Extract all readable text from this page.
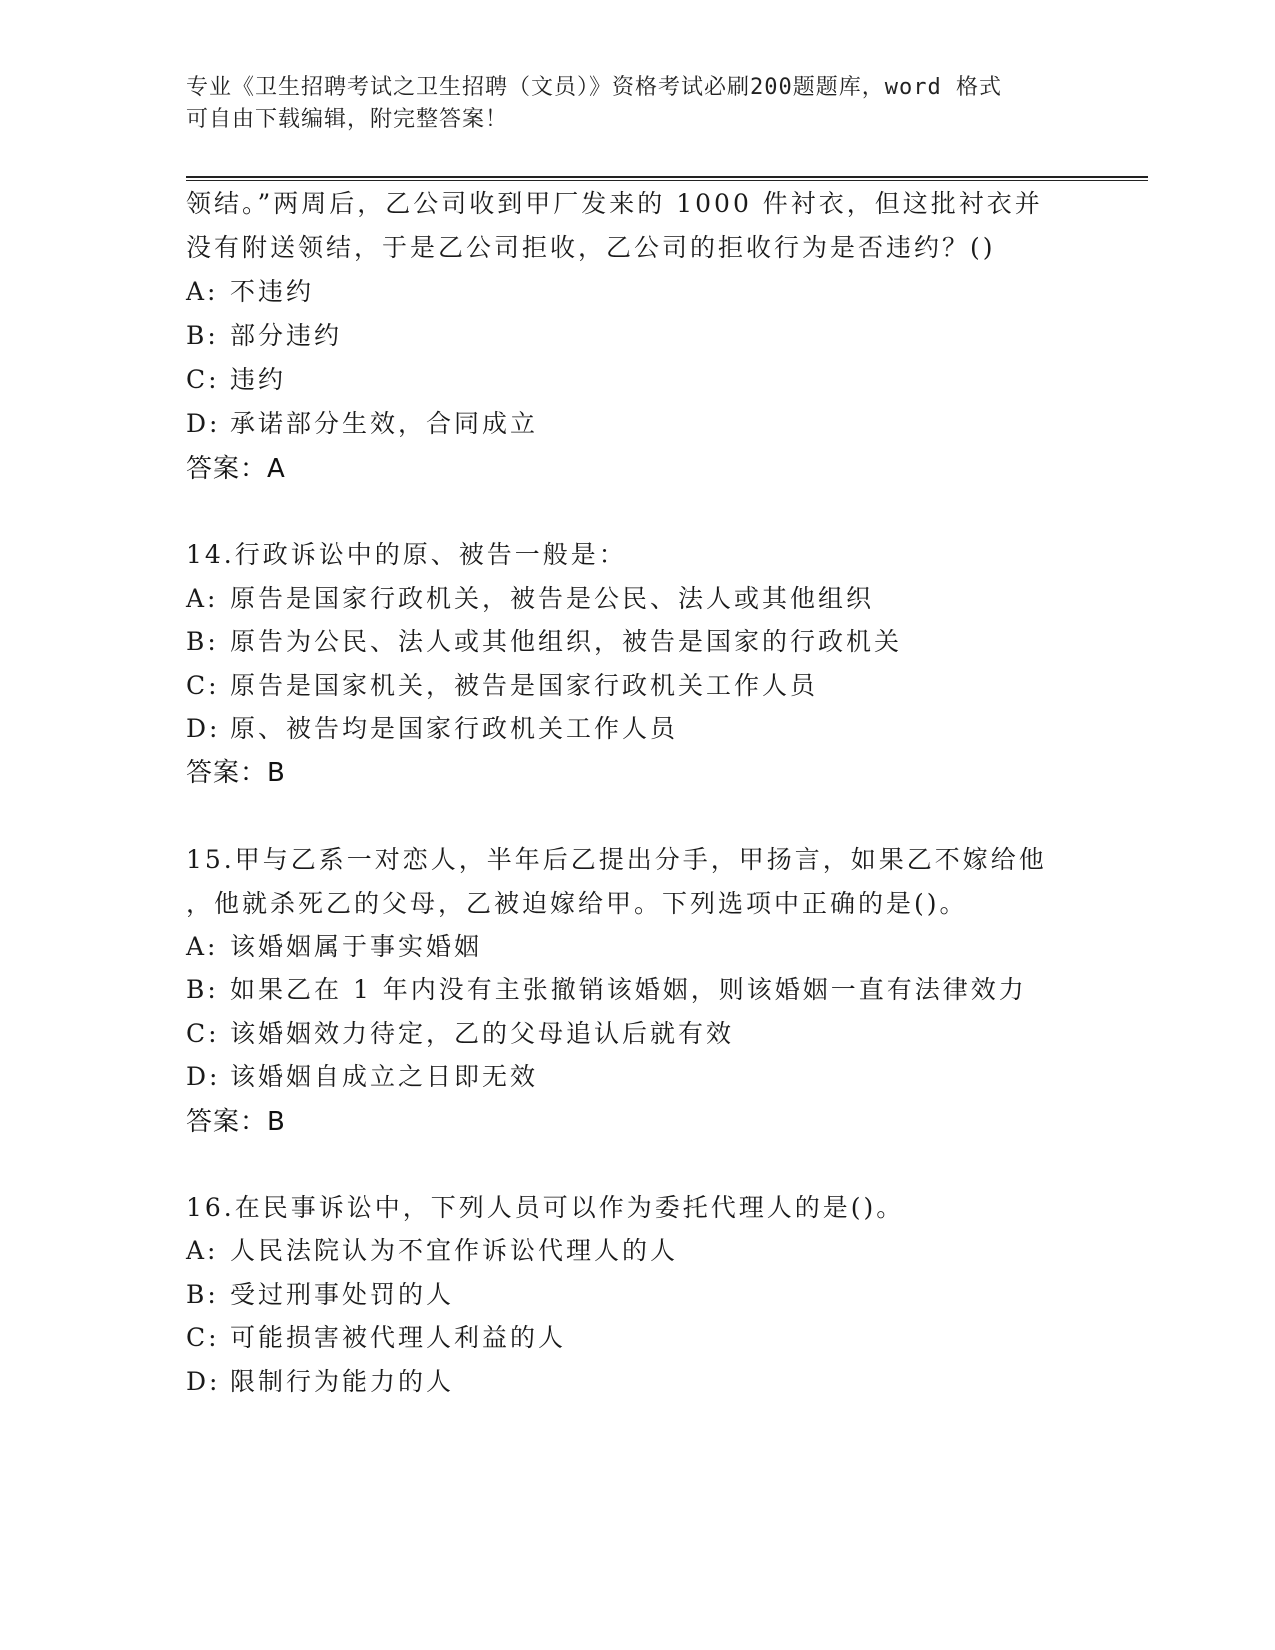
专业《卫生招聘考试之卫生招聘（文员）》资格考试必刷200题题库，word 格式
可自由下载编辑，附完整答案！
领结。”两周后，乙公司收到甲厂发来的 1000 件衬衣，但这批衬衣并
没有附送领结，于是乙公司拒收，乙公司的拒收行为是否违约？()
A: 不违约
B: 部分违约
C: 违约
D: 承诺部分生效，合同成立
答案：A
14.行政诉讼中的原、被告一般是：
A: 原告是国家行政机关，被告是公民、法人或其他组织
B: 原告为公民、法人或其他组织，被告是国家的行政机关
C: 原告是国家机关，被告是国家行政机关工作人员
D: 原、被告均是国家行政机关工作人员
答案：B
15.甲与乙系一对恋人，半年后乙提出分手，甲扬言，如果乙不嫁给他
，他就杀死乙的父母，乙被迫嫁给甲。下列选项中正确的是()。
A: 该婚姻属于事实婚姻
B: 如果乙在 1 年内没有主张撤销该婚姻，则该婚姻一直有法律效力
C: 该婚姻效力待定，乙的父母追认后就有效
D: 该婚姻自成立之日即无效
答案：B
16.在民事诉讼中，下列人员可以作为委托代理人的是()。
A: 人民法院认为不宜作诉讼代理人的人
B: 受过刑事处罚的人
C: 可能损害被代理人利益的人
D: 限制行为能力的人
